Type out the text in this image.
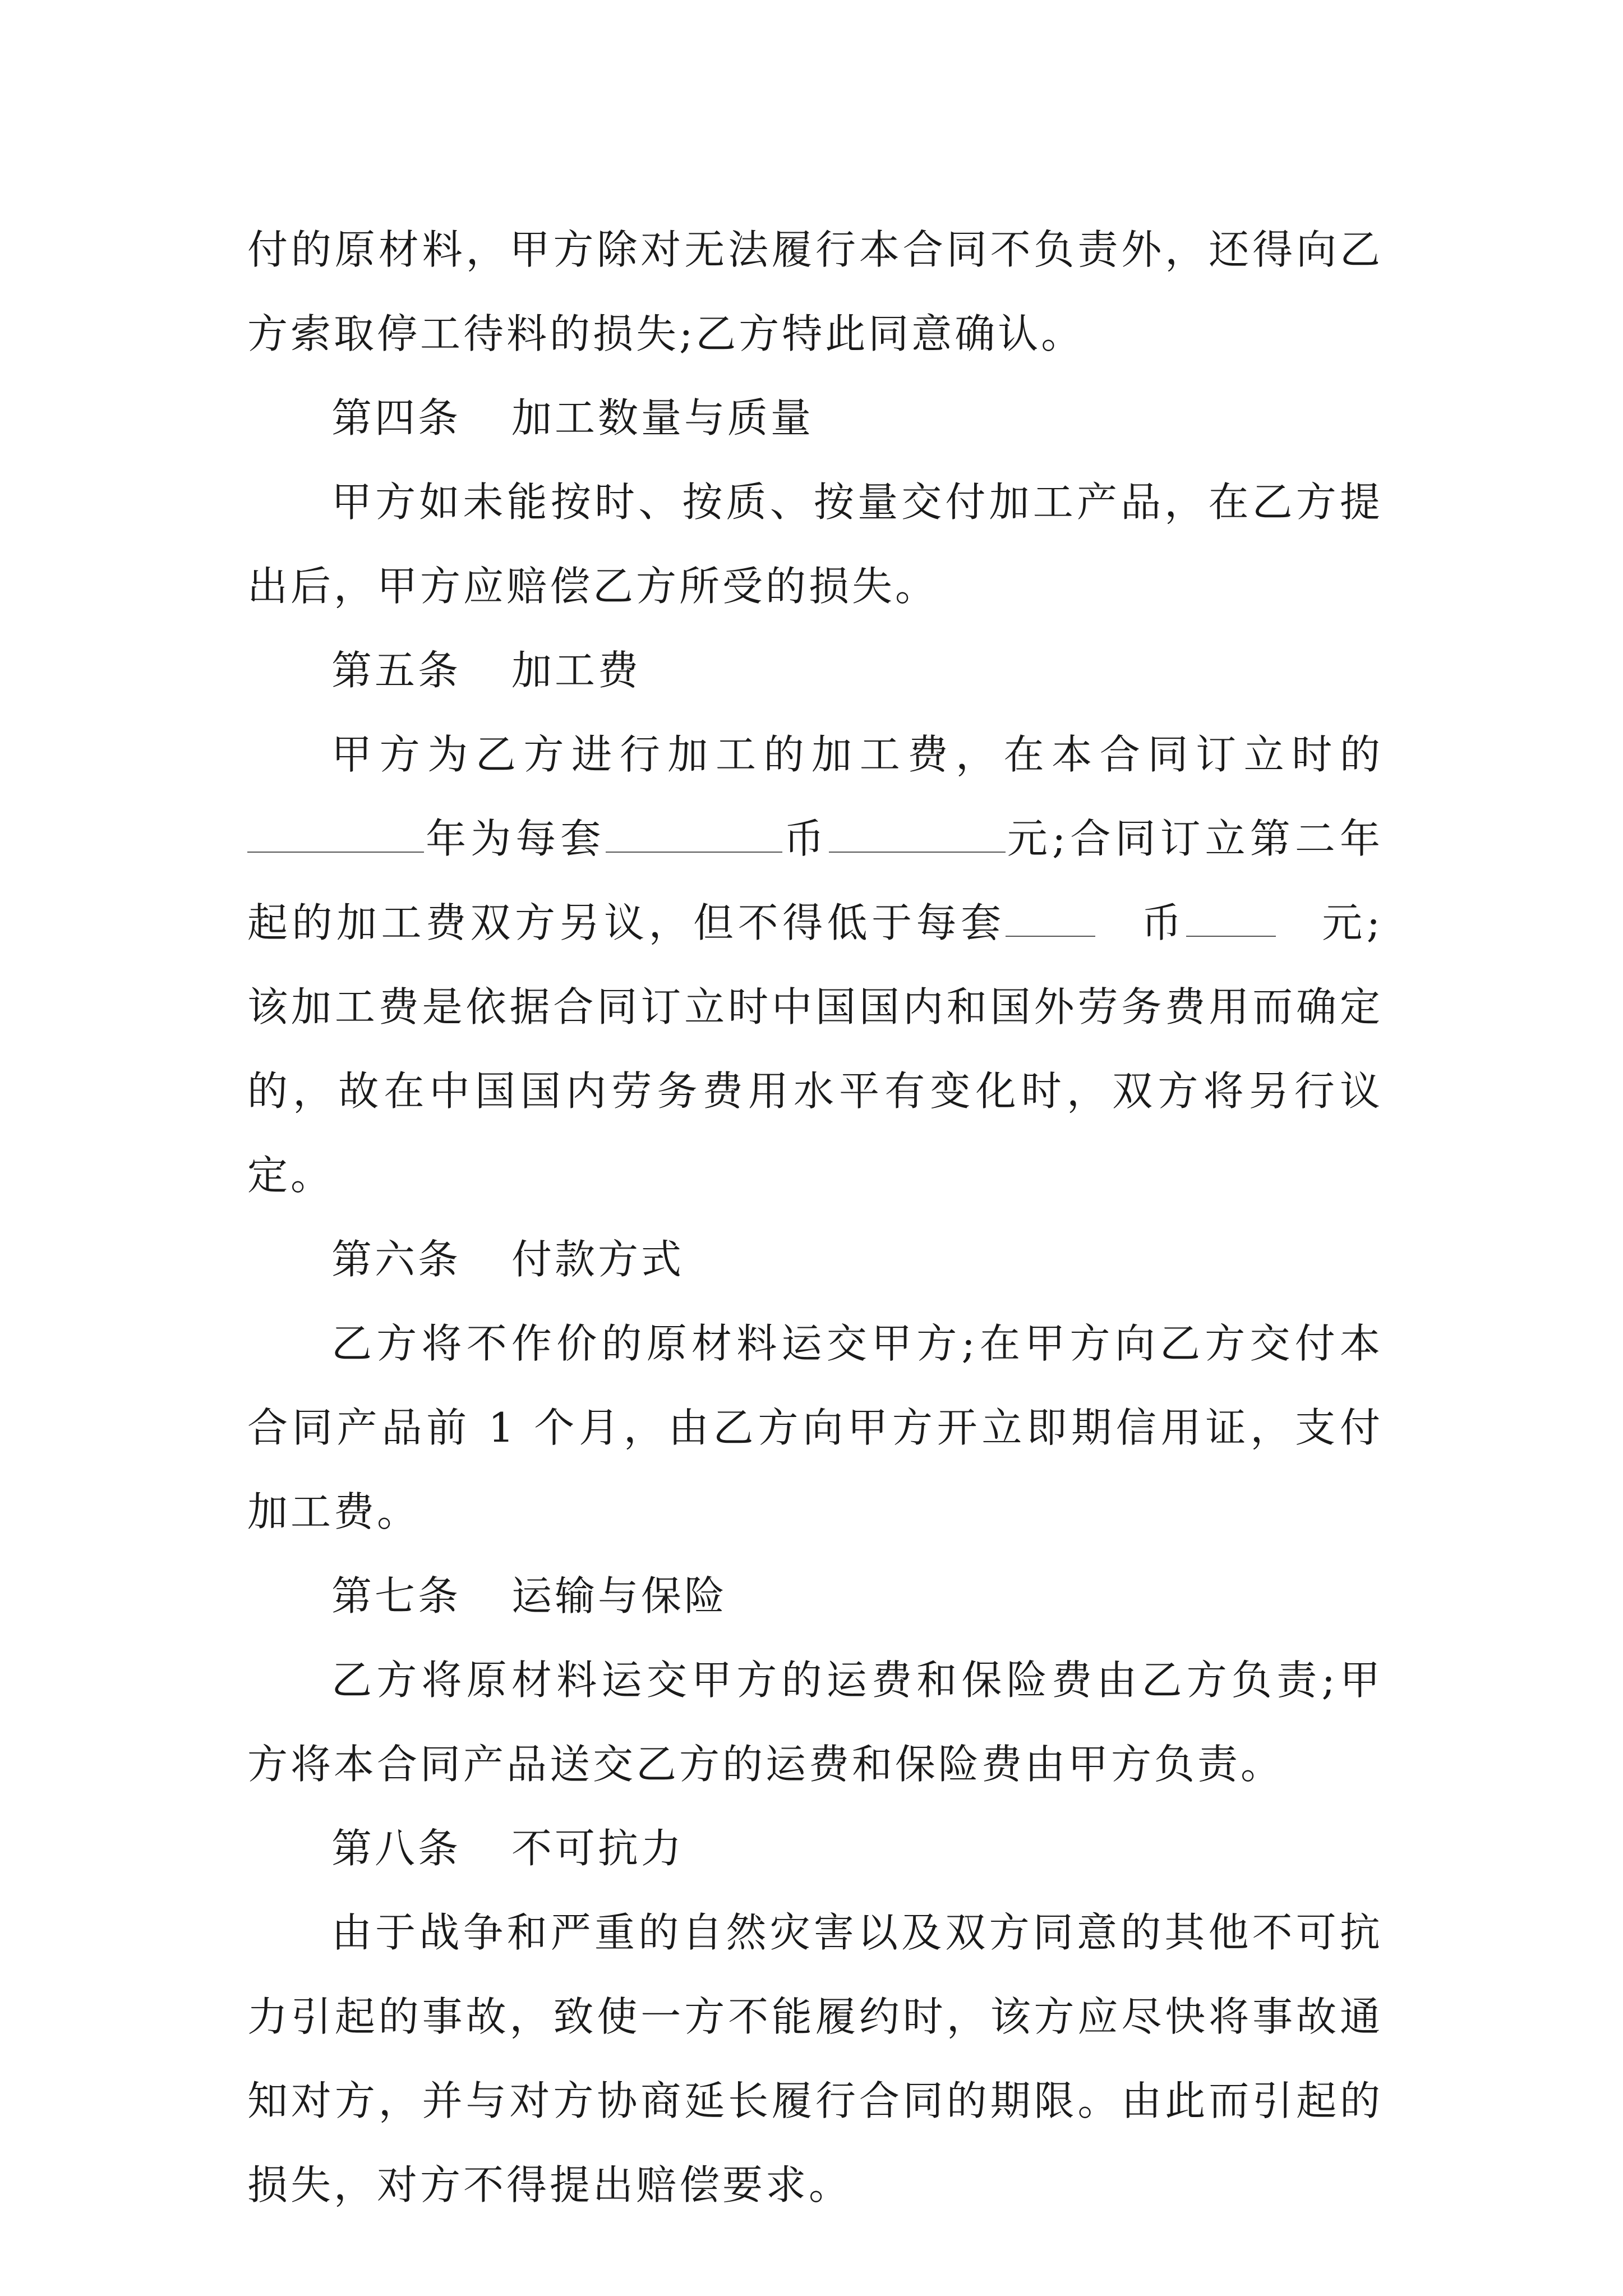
付的原材料，甲方除对无法履行本合同不负责外，还得向乙方索取停工待料的损失;乙方特此同意确认。

第四条 加工数量与质量

甲方如未能按时、按质、按量交付加工产品，在乙方提出后，甲方应赔偿乙方所受的损失。

第五条 加工费

甲方为乙方进行加工的加工费，在本合同订立时的年为每套	币	元;合同订立第二年起的加工费双方另议，但不得低于每套	币	元;该加工费是依据合同订立时中国国内和国外劳务费用而确定的，故在中国国内劳务费用水平有变化时，双方将另行议定。

第六条 付款方式

乙方将不作价的原材料运交甲方;在甲方向乙方交付本合同产品前 1 个月，由乙方向甲方开立即期信用证，支付加工费。

第七条 运输与保险

乙方将原材料运交甲方的运费和保险费由乙方负责;甲方将本合同产品送交乙方的运费和保险费由甲方负责。

第八条 不可抗力

由于战争和严重的自然灾害以及双方同意的其他不可抗力引起的事故，致使一方不能履约时，该方应尽快将事故通知对方，并与对方协商延长履行合同的期限。由此而引起的损失，对方不得提出赔偿要求。
